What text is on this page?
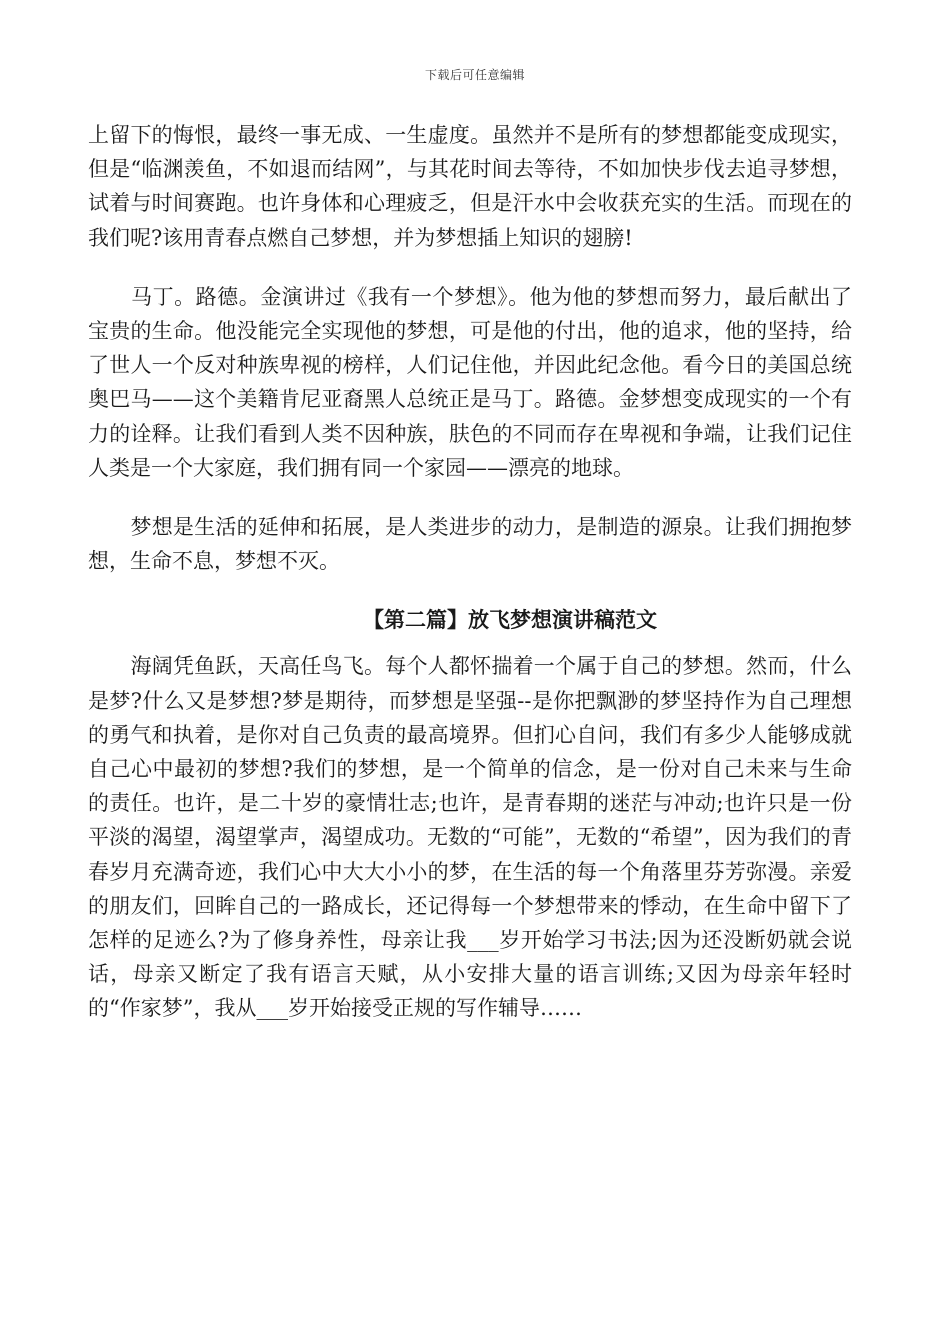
下载后可任意编辑

上留下的悔恨，最终一事无成、一生虚度。虽然并不是所有的梦想都能变成现实，但是“临渊羡鱼，不如退而结网”，与其花时间去等待，不如加快步伐去追寻梦想，试着与时间赛跑。也许身体和心理疲乏，但是汗水中会收获充实的生活。而现在的我们呢?该用青春点燃自己梦想，并为梦想插上知识的翅膀!

　　马丁。路德。金演讲过《我有一个梦想》。他为他的梦想而努力，最后献出了宝贵的生命。他没能完全实现他的梦想，可是他的付出，他的追求，他的坚持，给了世人一个反对种族卑视的榜样，人们记住他，并因此纪念他。看今日的美国总统奥巴马——这个美籍肯尼亚裔黑人总统正是马丁。路德。金梦想变成现实的一个有力的诠释。让我们看到人类不因种族，肤色的不同而存在卑视和争端，让我们记住人类是一个大家庭，我们拥有同一个家园——漂亮的地球。

　　梦想是生活的延伸和拓展，是人类进步的动力，是制造的源泉。让我们拥抱梦想，生命不息，梦想不灭。

【第二篇】放飞梦想演讲稿范文

　　海阔凭鱼跃，天高任鸟飞。每个人都怀揣着一个属于自己的梦想。然而，什么是梦?什么又是梦想?梦是期待，而梦想是坚强--是你把飘渺的梦坚持作为自己理想的勇气和执着，是你对自己负责的最高境界。但扪心自问，我们有多少人能够成就自己心中最初的梦想?我们的梦想，是一个简单的信念，是一份对自己未来与生命的责任。也许，是二十岁的豪情壮志;也许，是青春期的迷茫与冲动;也许只是一份平淡的渴望，渴望掌声，渴望成功。无数的“可能”，无数的“希望”，因为我们的青春岁月充满奇迹，我们心中大大小小的梦，在生活的每一个角落里芬芳弥漫。亲爱的朋友们，回眸自己的一路成长，还记得每一个梦想带来的悸动，在生命中留下了怎样的足迹么?为了修身养性，母亲让我___岁开始学习书法;因为还没断奶就会说话，母亲又断定了我有语言天赋，从小安排大量的语言训练;又因为母亲年轻时的“作家梦”，我从___岁开始接受正规的写作辅导……
